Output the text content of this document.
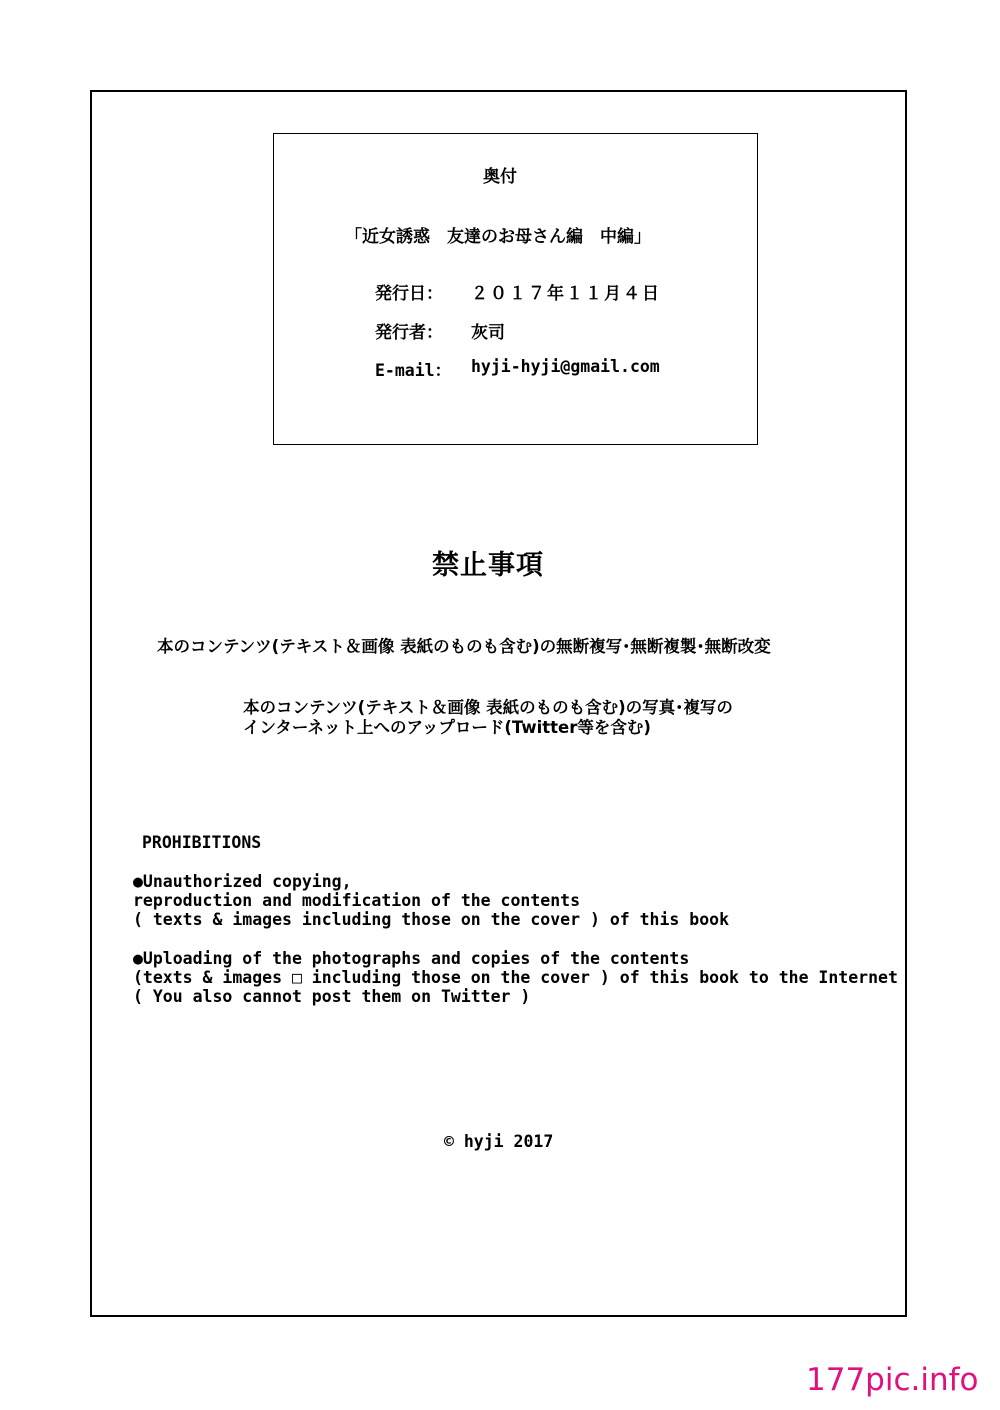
奥付
「近女誘惑　友達のお母さん編　中編」
発行日： ２０１７年１１月４日
発行者： 灰司
E-mail： hyji-hyji@gmail.com
禁止事項
本のコンテンツ(テキスト＆画像 表紙のものも含む)の無断複写･無断複製･無断改変
本のコンテンツ(テキスト＆画像 表紙のものも含む)の写真･複写の
インターネット上へのアップロード(Twitter等を含む)
PROHIBITIONS
●Unauthorized copying,
reproduction and modification of the contents
( texts & images including those on the cover ) of this book
●Uploading of the photographs and copies of the contents
(texts & images □ including those on the cover ) of this book to the Internet
( You also cannot post them on Twitter )
© hyji 2017
177pic.info
